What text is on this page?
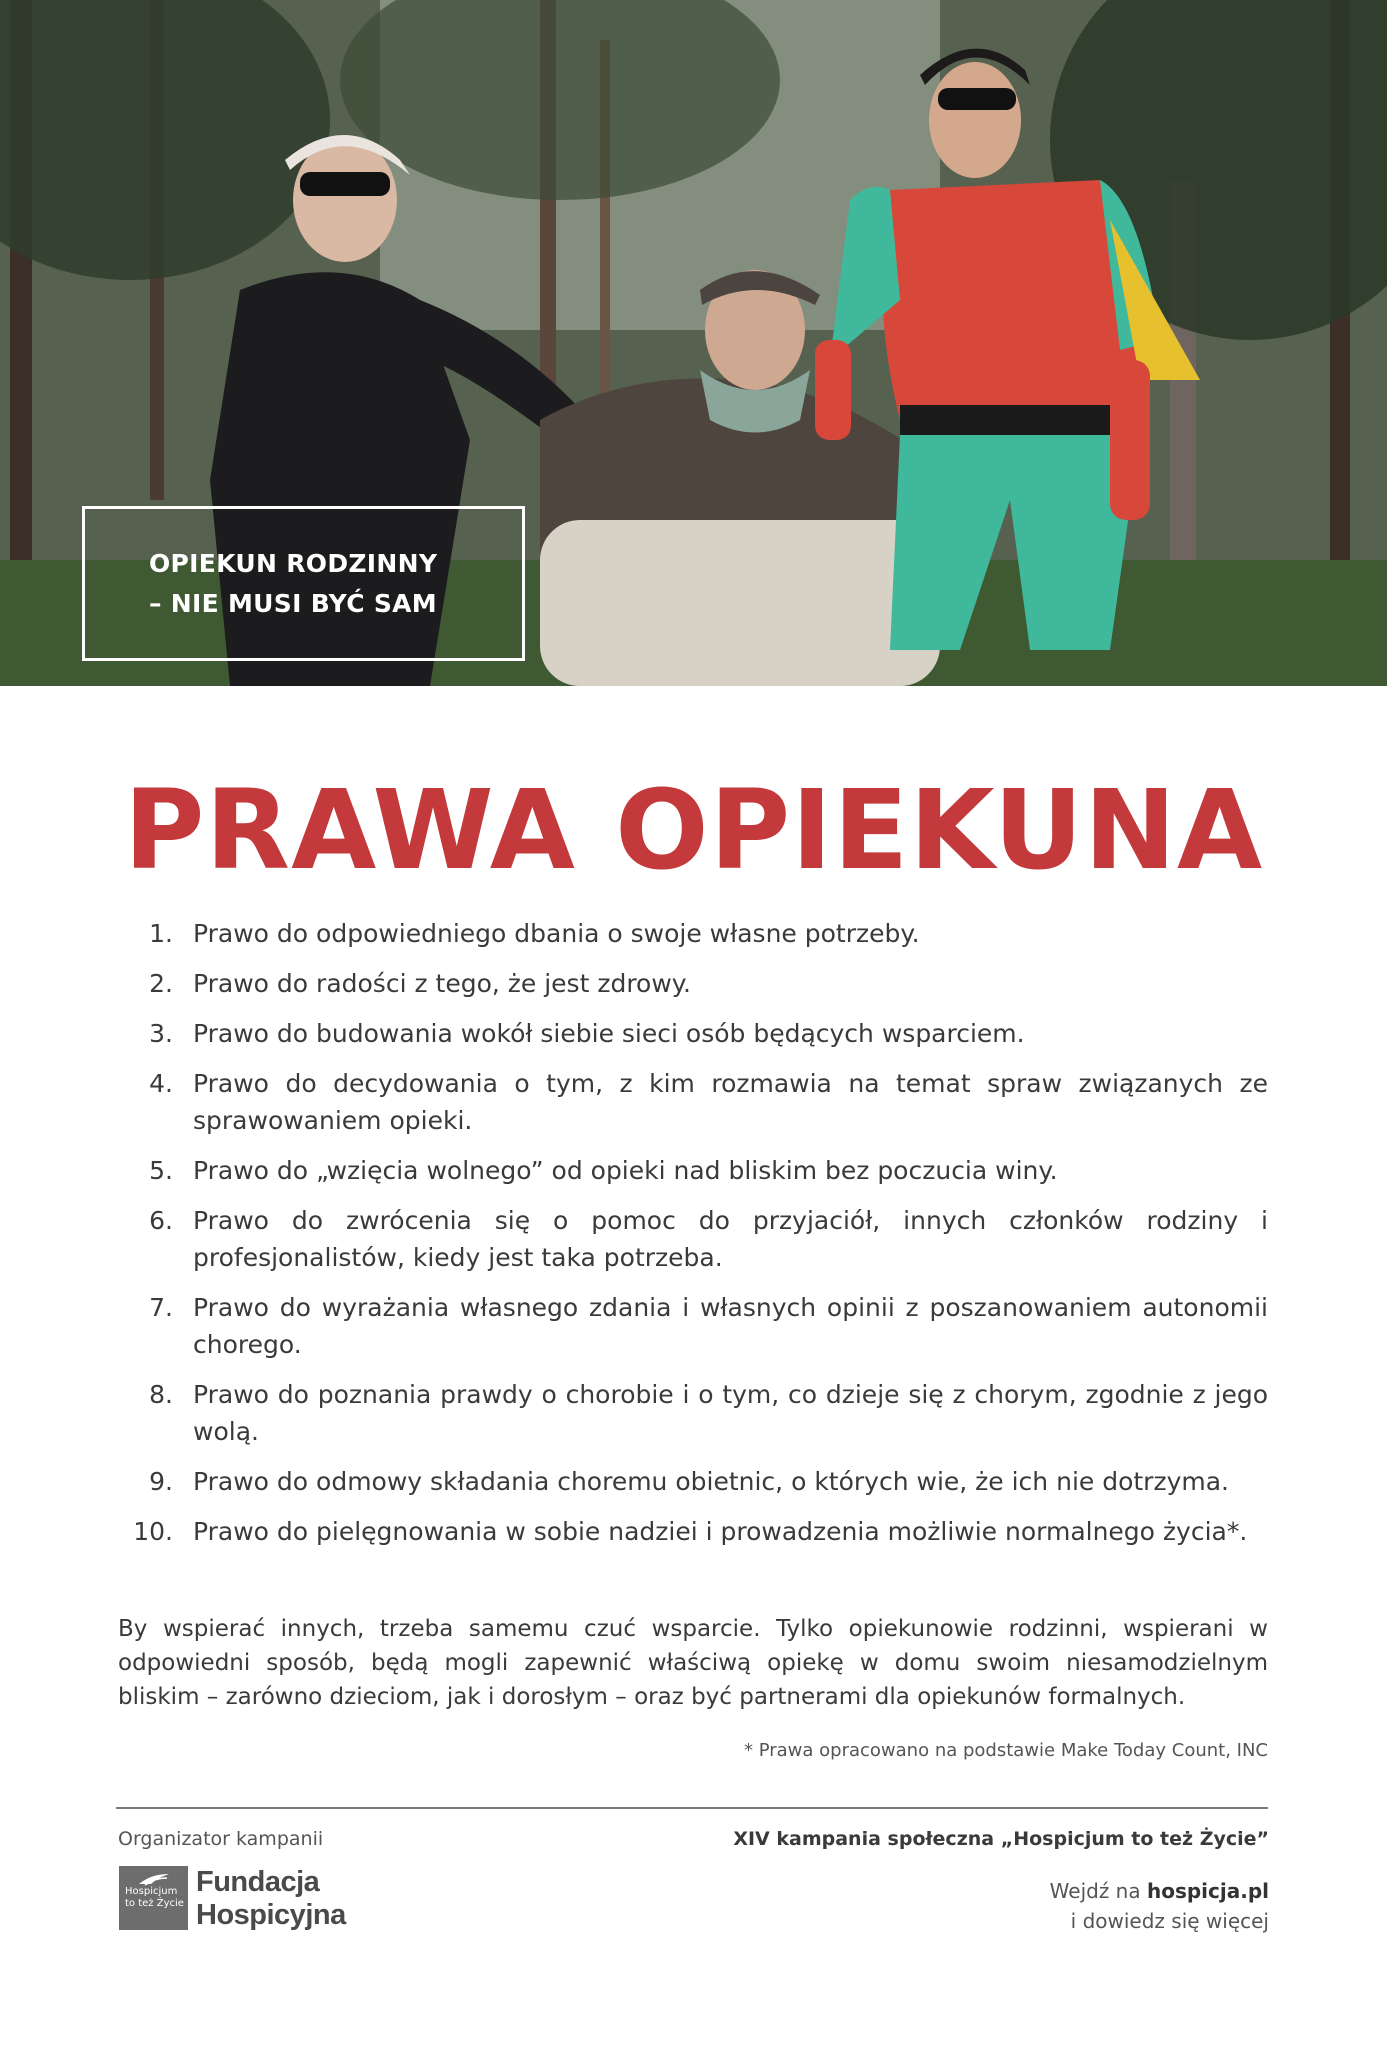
OPIEKUN RODZINNY
– NIE MUSI BYĆ SAM
PRAWA OPIEKUNA
1. Prawo do odpowiedniego dbania o swoje własne potrzeby.
2. Prawo do radości z tego, że jest zdrowy.
3. Prawo do budowania wokół siebie sieci osób będących wsparciem.
4. Prawo do decydowania o tym, z kim rozmawia na temat spraw związanych ze sprawowaniem opieki.
5. Prawo do „wzięcia wolnego” od opieki nad bliskim bez poczucia winy.
6. Prawo do zwrócenia się o pomoc do przyjaciół, innych członków rodziny i profesjonalistów, kiedy jest taka potrzeba.
7. Prawo do wyrażania własnego zdania i własnych opinii z poszanowaniem autonomii chorego.
8. Prawo do poznania prawdy o chorobie i o tym, co dzieje się z chorym, zgodnie z jego wolą.
9. Prawo do odmowy składania choremu obietnic, o których wie, że ich nie dotrzyma.
10. Prawo do pielęgnowania w sobie nadziei i prowadzenia możliwie normalnego życia*.

By wspierać innych, trzeba samemu czuć wsparcie. Tylko opiekunowie rodzinni, wspierani w odpowiedni sposób, będą mogli zapewnić właściwą opiekę w domu swoim niesamodzielnym bliskim – zarówno dzieciom, jak i dorosłym – oraz być partnerami dla opiekunów formalnych.

* Prawa opracowano na podstawie Make Today Count, INC
Organizator kampanii
Hospicjum
to też Życie
Fundacja
Hospicyjna
XIV kampania społeczna „Hospicjum to też Życie”
Wejdź na hospicja.pl
i dowiedz się więcej
